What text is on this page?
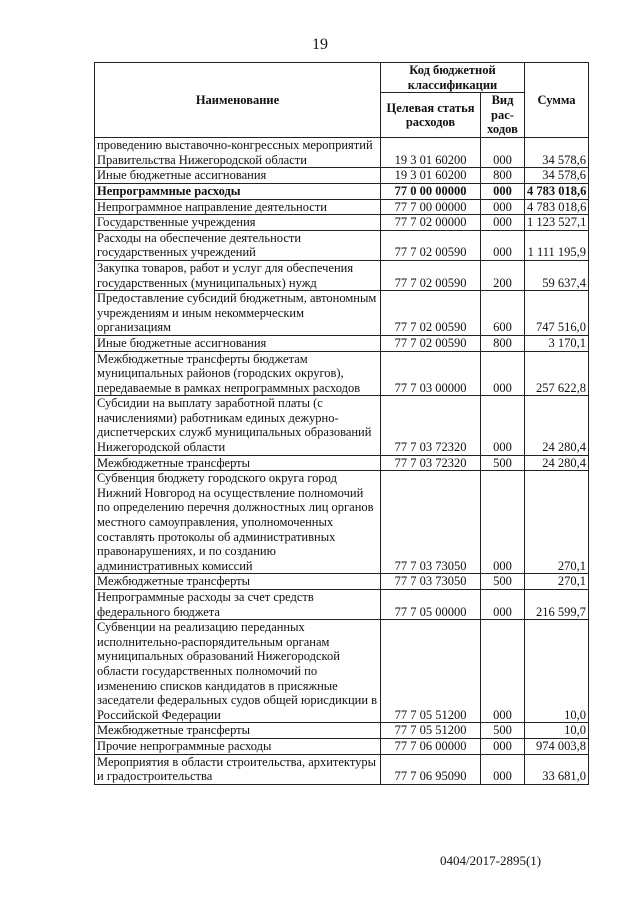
19
Наименование	Код бюджетной классификации		Сумма
	Целевая статья расходов	Вид рас-ходов	
проведению выставочно-конгрессных мероприятий Правительства Нижегородской области	19 3 01 60200	000	34 578,6
Иные бюджетные ассигнования	19 3 01 60200	800	34 578,6
Непрограммные расходы	77 0 00 00000	000	4 783 018,6
Непрограммное направление деятельности	77 7 00 00000	000	4 783 018,6
Государственные учреждения	77 7 02 00000	000	1 123 527,1
Расходы на обеспечение деятельности государственных учреждений	77 7 02 00590	000	1 111 195,9
Закупка товаров, работ и услуг для обеспечения государственных (муниципальных) нужд	77 7 02 00590	200	59 637,4
Предоставление субсидий бюджетным, автономным учреждениям и иным некоммерческим организациям	77 7 02 00590	600	747 516,0
Иные бюджетные ассигнования	77 7 02 00590	800	3 170,1
Межбюджетные трансферты бюджетам муниципальных районов (городских округов), передаваемые в рамках непрограммных расходов	77 7 03 00000	000	257 622,8
Субсидии на выплату заработной платы (с начислениями) работникам единых дежурно-диспетчерских служб муниципальных образований Нижегородской области	77 7 03 72320	000	24 280,4
Межбюджетные трансферты	77 7 03 72320	500	24 280,4
Субвенция бюджету городского округа город Нижний Новгород на осуществление полномочий по определению перечня должностных лиц органов местного самоуправления, уполномоченных составлять протоколы об административных правонарушениях, и по созданию административных комиссий	77 7 03 73050	000	270,1
Межбюджетные трансферты	77 7 03 73050	500	270,1
Непрограммные расходы за счет средств федерального бюджета	77 7 05 00000	000	216 599,7
Субвенции на реализацию переданных исполнительно-распорядительным органам муниципальных образований Нижегородской области государственных полномочий по изменению списков кандидатов в присяжные заседатели федеральных судов общей юрисдикции в Российской Федерации	77 7 05 51200	000	10,0
Межбюджетные трансферты	77 7 05 51200	500	10,0
Прочие непрограммные расходы	77 7 06 00000	000	974 003,8
Мероприятия в области строительства, архитектуры и градостроительства	77 7 06 95090	000	33 681,0
0404/2017-2895(1)
